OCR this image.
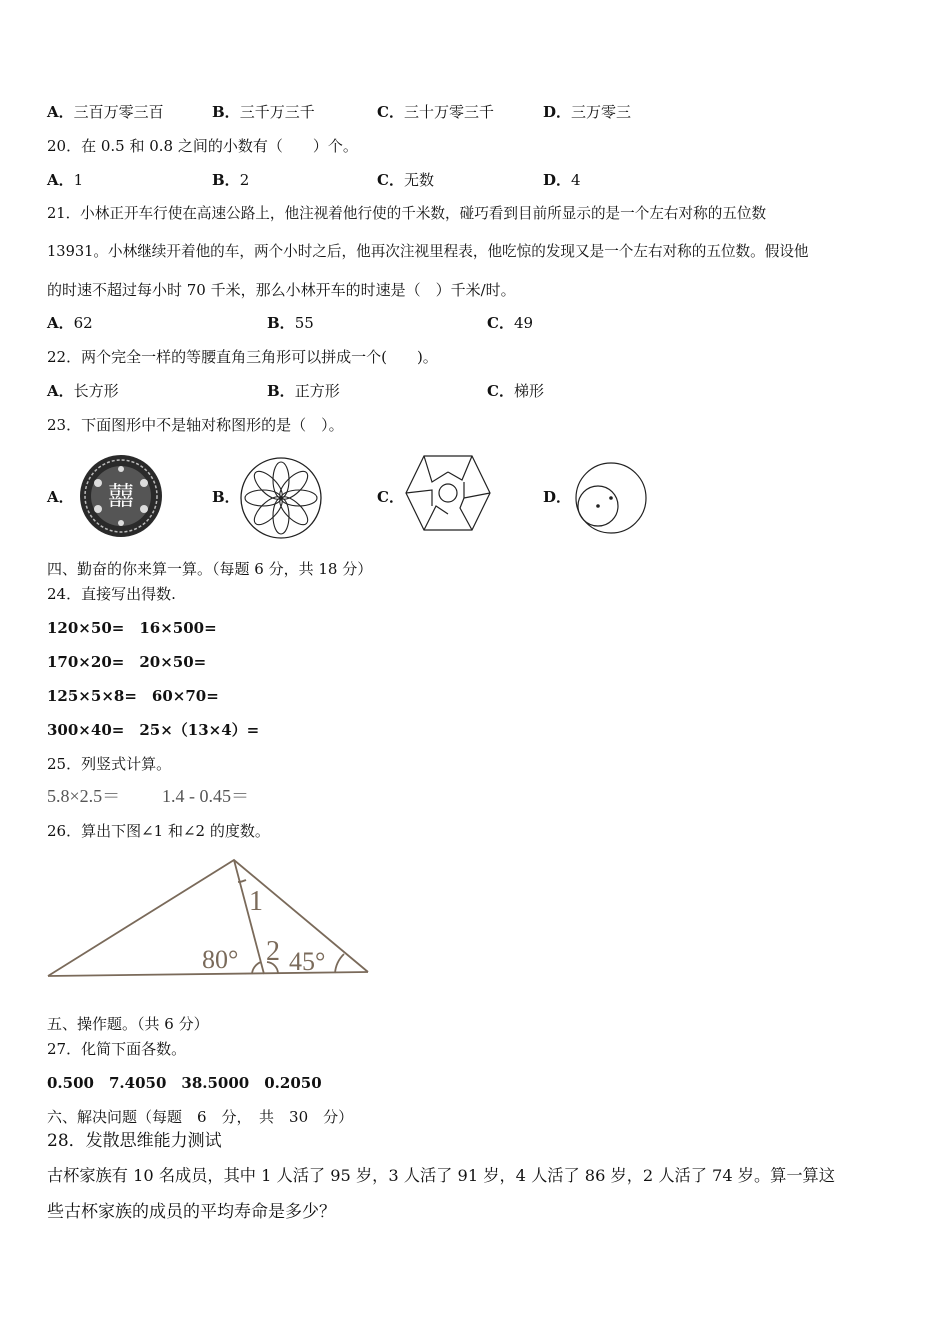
A．三百万零三百	B．三千万三千	C．三十万零三千	D．三万零三
20．在 0.5 和 0.8 之间的小数有（　　）个。
A．1	B．2	C．无数	D．4
21．小林正开车行使在高速公路上，他注视着他行使的千米数，碰巧看到目前所显示的是一个左右对称的五位数
13931。小林继续开着他的车，两个小时之后，他再次注视里程表，他吃惊的发现又是一个左右对称的五位数。假设他
的时速不超过每小时 70 千米，那么小林开车的时速是（　）千米/时。
A．62	B．55	C．49
22．两个完全一样的等腰直角三角形可以拼成一个(　　)。
A．长方形	B．正方形	C．梯形
23．下面图形中不是轴对称图形的是（　）。
A． 囍	B．	C．	D．
四、勤奋的你来算一算。（每题 6 分，共 18 分）
24．直接写出得数.
120×50=　16×500=
170×20=　20×50=
125×5×8=　60×70=
300×40=　25×（13×4）=
25．列竖式计算。
5.8×2.5＝ 1.4 - 0.45＝
26．算出下图∠1 和∠2 的度数。
1
2
80° 45°
五、操作题。（共 6 分）
27．化简下面各数。
0.500　7.4050　38.5000　0.2050
六、解决问题（每题　6　分，　共　30　分）
28．发散思维能力测试
古杯家族有 10 名成员，其中 1 人活了 95 岁，3 人活了 91 岁，4 人活了 86 岁，2 人活了 74 岁。算一算这
些古杯家族的成员的平均寿命是多少？
